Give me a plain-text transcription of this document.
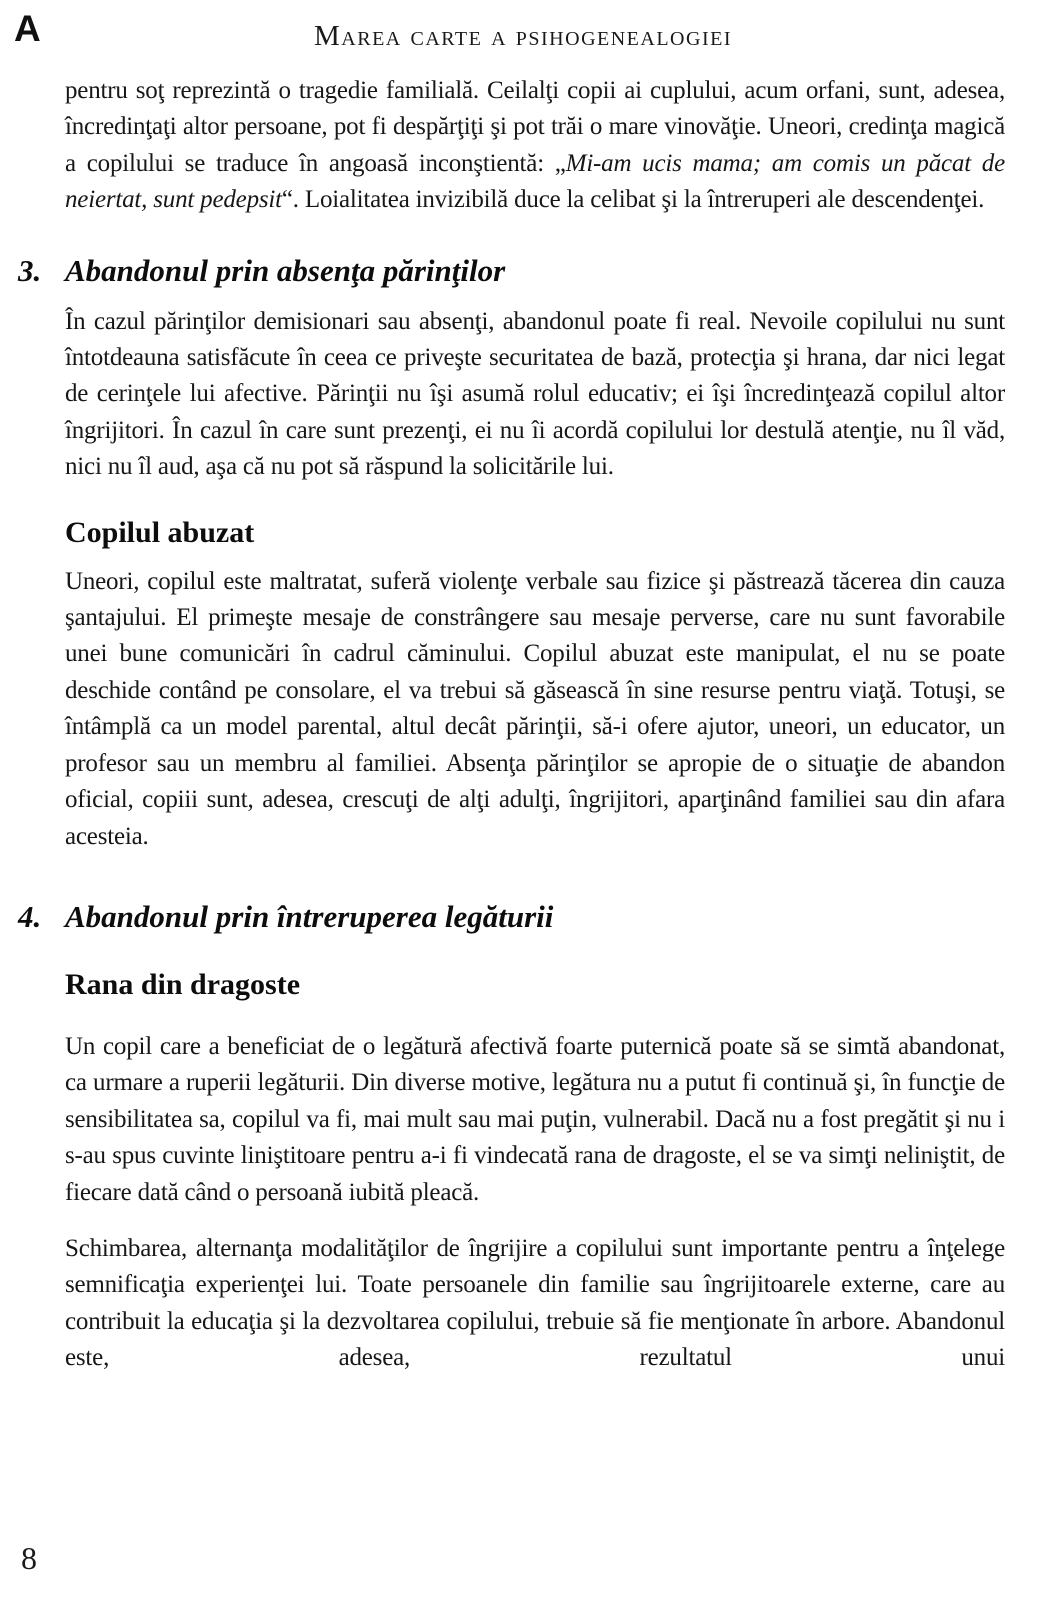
A	Marea carte a psihogenealogiei

pentru soţ reprezintă o tragedie familială. Ceilalţi copii ai cuplului, acum orfani, sunt, adesea, încredinţaţi altor persoane, pot fi despărţiţi şi pot trăi o mare vinovăţie. Uneori, credinţa magică a copilului se traduce în angoasă inconştientă: „Mi-am ucis mama; am comis un păcat de neiertat, sunt pedepsit“. Loialitatea invizibilă duce la celibat şi la întreruperi ale descendenţei.

3. Abandonul prin absenţa părinţilor

În cazul părinţilor demisionari sau absenţi, abandonul poate fi real. Nevoile copilului nu sunt întotdeauna satisfăcute în ceea ce priveşte securitatea de bază, protecţia şi hrana, dar nici legat de cerinţele lui afective. Părinţii nu îşi asumă rolul educativ; ei îşi încredinţează copilul altor îngrijitori. În cazul în care sunt prezenţi, ei nu îi acordă copilului lor destulă atenţie, nu îl văd, nici nu îl aud, aşa că nu pot să răspund la solicitările lui.

Copilul abuzat

Uneori, copilul este maltratat, suferă violenţe verbale sau fizice şi păstrează tăcerea din cauza şantajului. El primeşte mesaje de constrângere sau mesaje perverse, care nu sunt favorabile unei bune comunicări în cadrul căminului. Copilul abuzat este manipulat, el nu se poate deschide contând pe consolare, el va trebui să găsească în sine resurse pentru viaţă. Totuşi, se întâmplă ca un model parental, altul decât părinţii, să-i ofere ajutor, uneori, un educator, un profesor sau un membru al familiei. Absenţa părinţilor se apropie de o situaţie de abandon oficial, copiii sunt, adesea, crescuţi de alţi adulţi, îngrijitori, aparţinând familiei sau din afara acesteia.

4. Abandonul prin întreruperea legăturii
Rana din dragoste

Un copil care a beneficiat de o legătură afectivă foarte puternică poate să se simtă abandonat, ca urmare a ruperii legăturii. Din diverse motive, legătura nu a putut fi continuă şi, în funcţie de sensibilitatea sa, copilul va fi, mai mult sau mai puţin, vulnerabil. Dacă nu a fost pregătit şi nu i s-au spus cuvinte liniştitoare pentru a-i fi vindecată rana de dragoste, el se va simţi neliniştit, de fiecare dată când o persoană iubită pleacă.

Schimbarea, alternanţa modalităţilor de îngrijire a copilului sunt importante pentru a înţelege semnificaţia experienţei lui. Toate persoanele din familie sau îngrijitoarele externe, care au contribuit la educaţia şi la dezvoltarea copilului, trebuie să fie menţionate în arbore. Abandonul este, adesea, rezultatul unui

8
